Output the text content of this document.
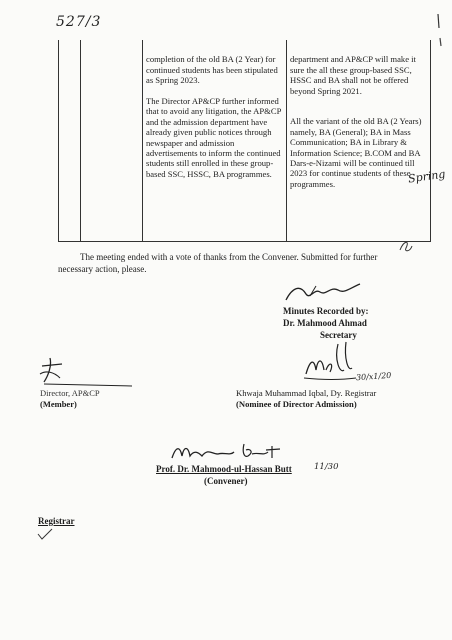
527/3

completion of the old BA (2 Year) for continued students has been stipulated as Spring 2023.

The Director AP&CP further informed that to avoid any litigation, the AP&CP and the admission department have already given public notices through newspaper and admission advertisements to inform the continued students still enrolled in these group-based SSC, HSSC, BA programmes.

department and AP&CP will make it sure the all these group-based SSC, HSSC and BA shall not be offered beyond Spring 2021.

All the variant of the old BA (2 Years) namely, BA (General); BA in Mass Communication; BA in Library & Information Science; B.COM and BA Dars-e-Nizami will be continued till 2023 for continue students of these programmes.	Spring
The meeting ended with a vote of thanks from the Convener. Submitted for further necessary action, please.
Minutes Recorded by:
Dr. Mahmood Ahmad
Secretary
Director, AP&CP
(Member)
30/x1/20
Khwaja Muhammad Iqbal, Dy. Registrar
(Nominee of Director Admission)
Prof. Dr. Mahmood-ul-Hassan Butt	11/30
(Convener)
Registrar
